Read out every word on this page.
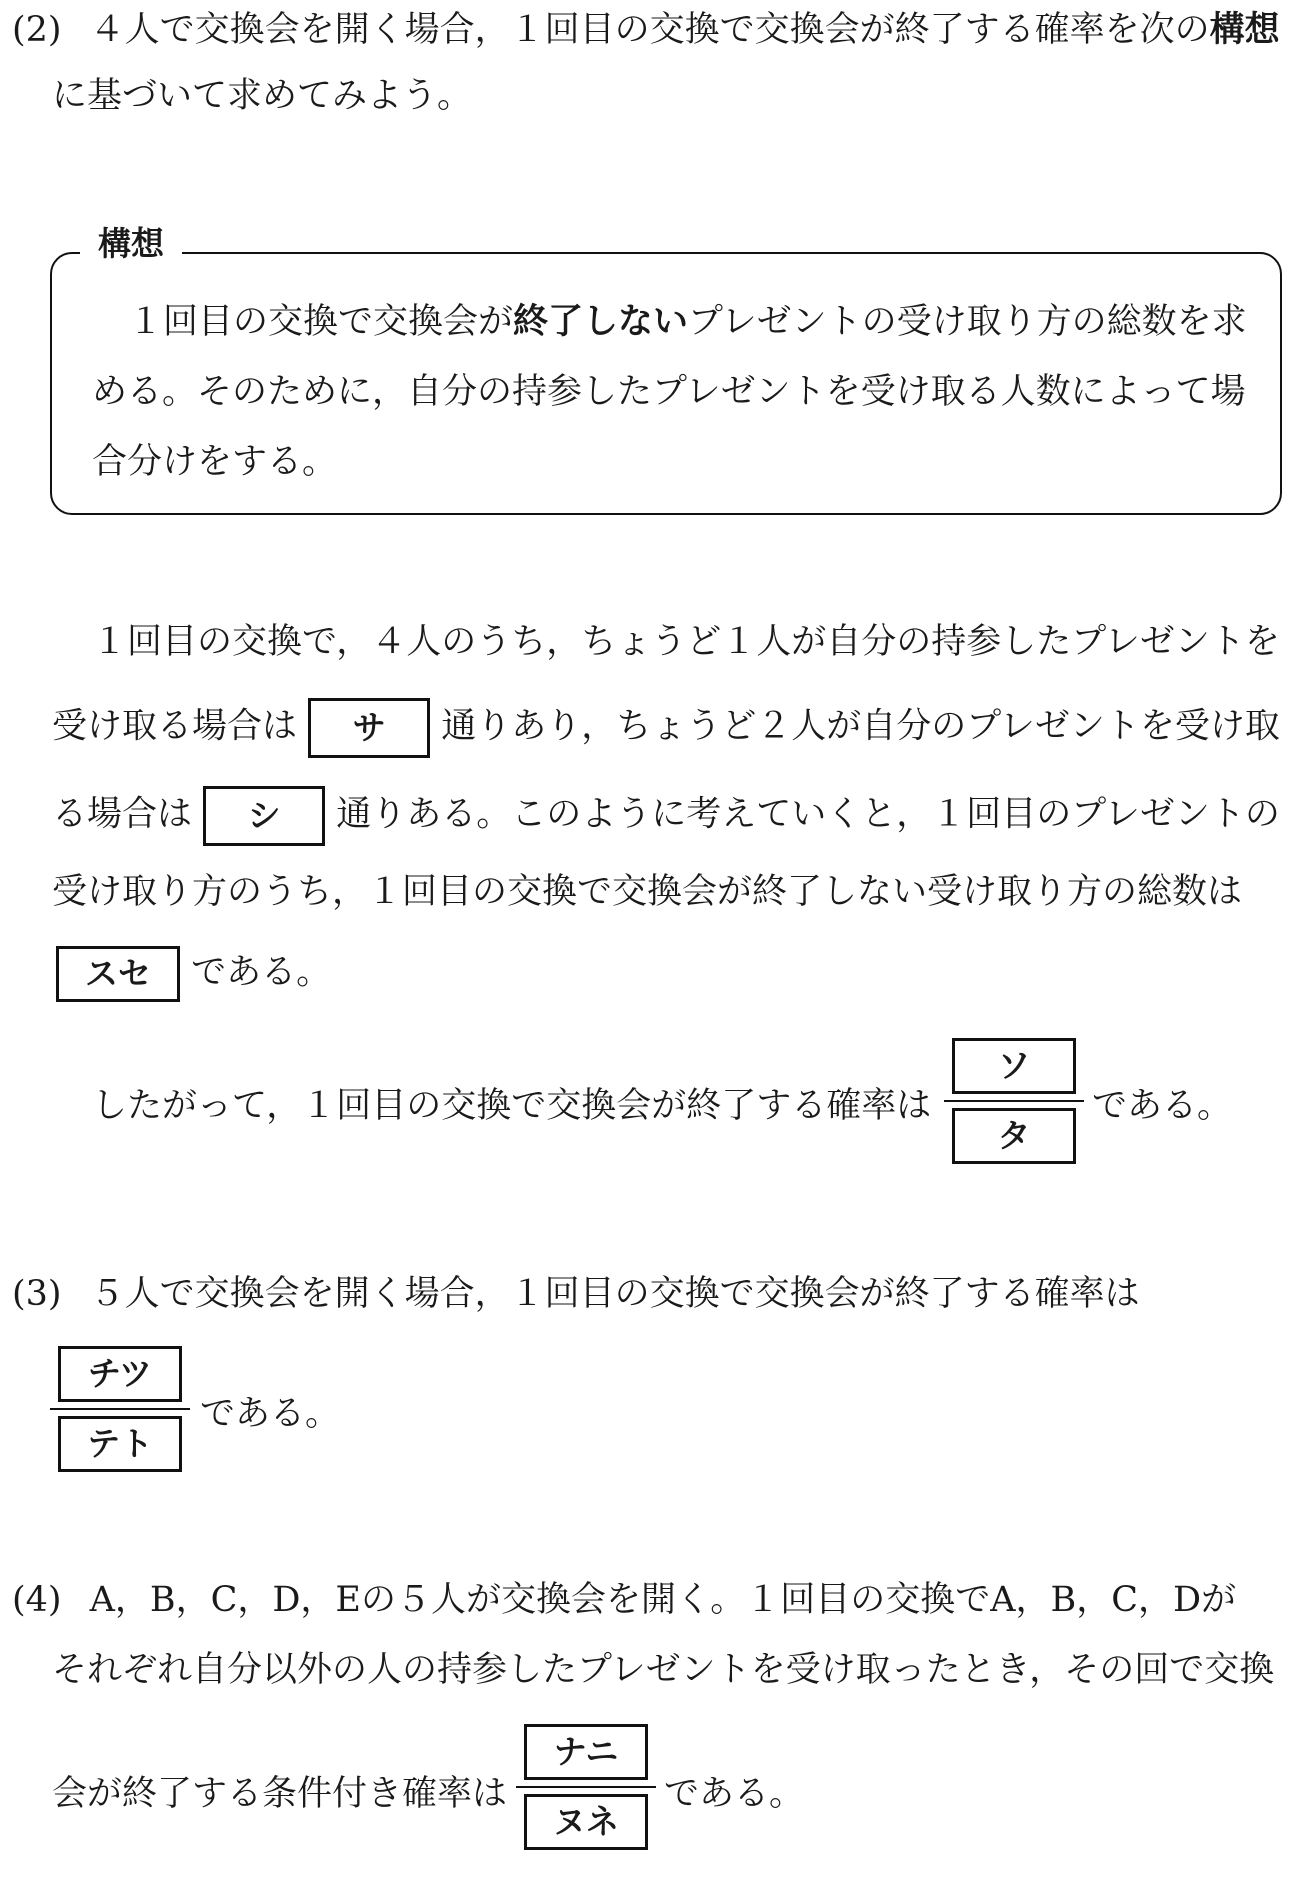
(2) ４人で交換会を開く場合，１回目の交換で交換会が終了する確率を次の構想
に基づいて求めてみよう。
構想
１回目の交換で交換会が終了しないプレゼントの受け取り方の総数を求
める。そのために，自分の持参したプレゼントを受け取る人数によって場
合分けをする。
１回目の交換で，４人のうち，ちょうど１人が自分の持参したプレゼントを
受け取る場合は サ 通りあり，ちょうど２人が自分のプレゼントを受け取
る場合は シ 通りある。このように考えていくと，１回目のプレゼントの
受け取り方のうち，１回目の交換で交換会が終了しない受け取り方の総数は
スセ である。
したがって，１回目の交換で交換会が終了する確率は
ソ
タ
である。
(3) ５人で交換会を開く場合，１回目の交換で交換会が終了する確率は
チツ
テト
である。
(4) A，B，C，D，Eの５人が交換会を開く。１回目の交換でA，B，C，Dが
それぞれ自分以外の人の持参したプレゼントを受け取ったとき，その回で交換
会が終了する条件付き確率は
ナニ
ヌネ
である。
